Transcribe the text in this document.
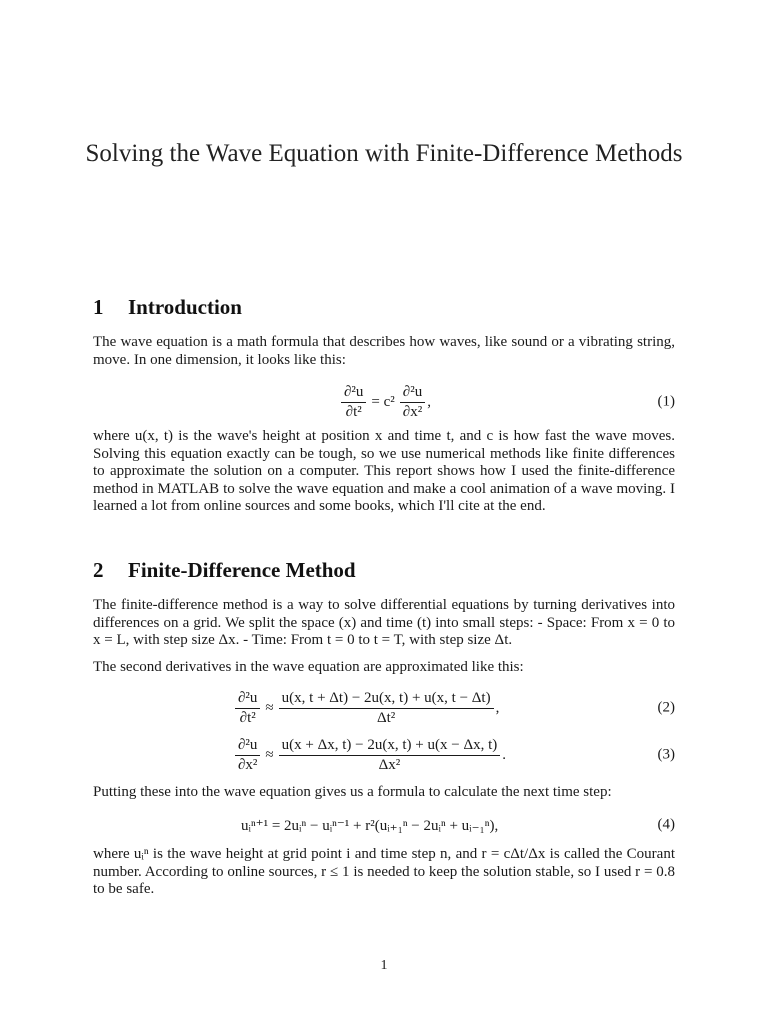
Solving the Wave Equation with Finite-Difference Methods
1 Introduction
The wave equation is a math formula that describes how waves, like sound or a vibrating string, move. In one dimension, it looks like this:
$\frac{\text{∂²u}}{\text{∂t²}} = c^2 \frac{\text{∂²u}}{\text{∂x²}}$ ,	(1)
where u(x, t) is the wave's height at position x and time t, and c is how fast the wave moves. Solving this equation exactly can be tough, so we use numerical methods like finite differences to approximate the solution on a computer. This report shows how I used the finite-difference method in MATLAB to solve the wave equation and make a cool animation of a wave moving. I learned a lot from online sources and some books, which I'll cite at the end.
2 Finite-Difference Method
The finite-difference method is a way to solve differential equations by turning derivatives into differences on a grid. We split the space (x) and time (t) into small steps: - Space: From x = 0 to x = L, with step size Δx. - Time: From t = 0 to t = T, with step size Δt.
The second derivatives in the wave equation are approximated like this:
$\frac{\text{∂²u}}{\text{∂t²}} \approx \frac{u(x, t + \Delta t) - 2u(x, t) + u(x, t - \Delta t)}{\text{Δt²}}$ ,	(2)
$\frac{\text{∂²u}}{\text{∂x²}} \approx \frac{u(x + \Delta x, t) - 2u(x, t) + u(x - \Delta x, t)}{\text{Δx²}}$ .	(3)
Putting these into the wave equation gives us a formula to calculate the next time step:
uᵢⁿ⁺¹ = 2uᵢⁿ − uᵢⁿ⁻¹ + r²(uᵢ₊₁ⁿ − 2uᵢⁿ + uᵢ₋₁ⁿ),	(4)
where uᵢⁿ is the wave height at grid point i and time step n, and r = cΔt/Δx is called the Courant number. According to online sources, r ≤ 1 is needed to keep the solution stable, so I used r = 0.8 to be safe.
1
